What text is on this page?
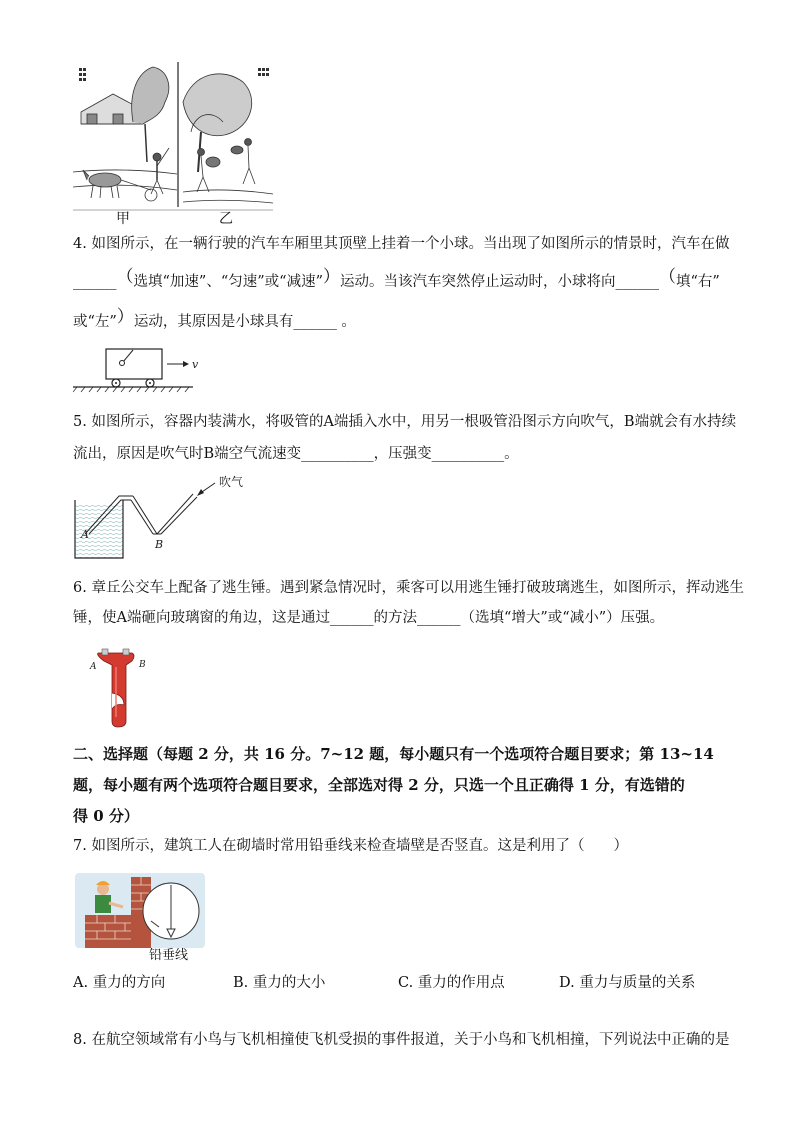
甲	乙
4. 如图所示，在一辆行驶的汽车车厢里其顶壁上挂着一个小球。当出现了如图所示的情景时，汽车在做
______（选填“加速”、“匀速”或“减速”）运动。当该汽车突然停止运动时，小球将向______（填“右”
或“左”）运动，其原因是小球具有______ 。
v
5. 如图所示，容器内装满水，将吸管的A端插入水中，用另一根吸管沿图示方向吹气，B端就会有水持续
流出，原因是吹气时B端空气流速变__________，压强变__________。
A
B
吹气
6. 章丘公交车上配备了逃生锤。遇到紧急情况时，乘客可以用逃生锤打破玻璃逃生，如图所示，挥动逃生
锤，使A端砸向玻璃窗的角边，这是通过______的方法______（选填“增大”或“减小”）压强。
A	B
二、选择题（每题 2 分，共 16 分。7~12 题，每小题只有一个选项符合题目要求；第 13~14
题，每小题有两个选项符合题目要求，全部选对得 2 分，只选一个且正确得 1 分，有选错的
得 0 分）
7. 如图所示，建筑工人在砌墙时常用铅垂线来检查墙壁是否竖直。这是利用了（　　）
铅垂线
A. 重力的方向	B. 重力的大小	C. 重力的作用点	D. 重力与质量的关系
8. 在航空领域常有小鸟与飞机相撞使飞机受损的事件报道，关于小鸟和飞机相撞，下列说法中正确的是
